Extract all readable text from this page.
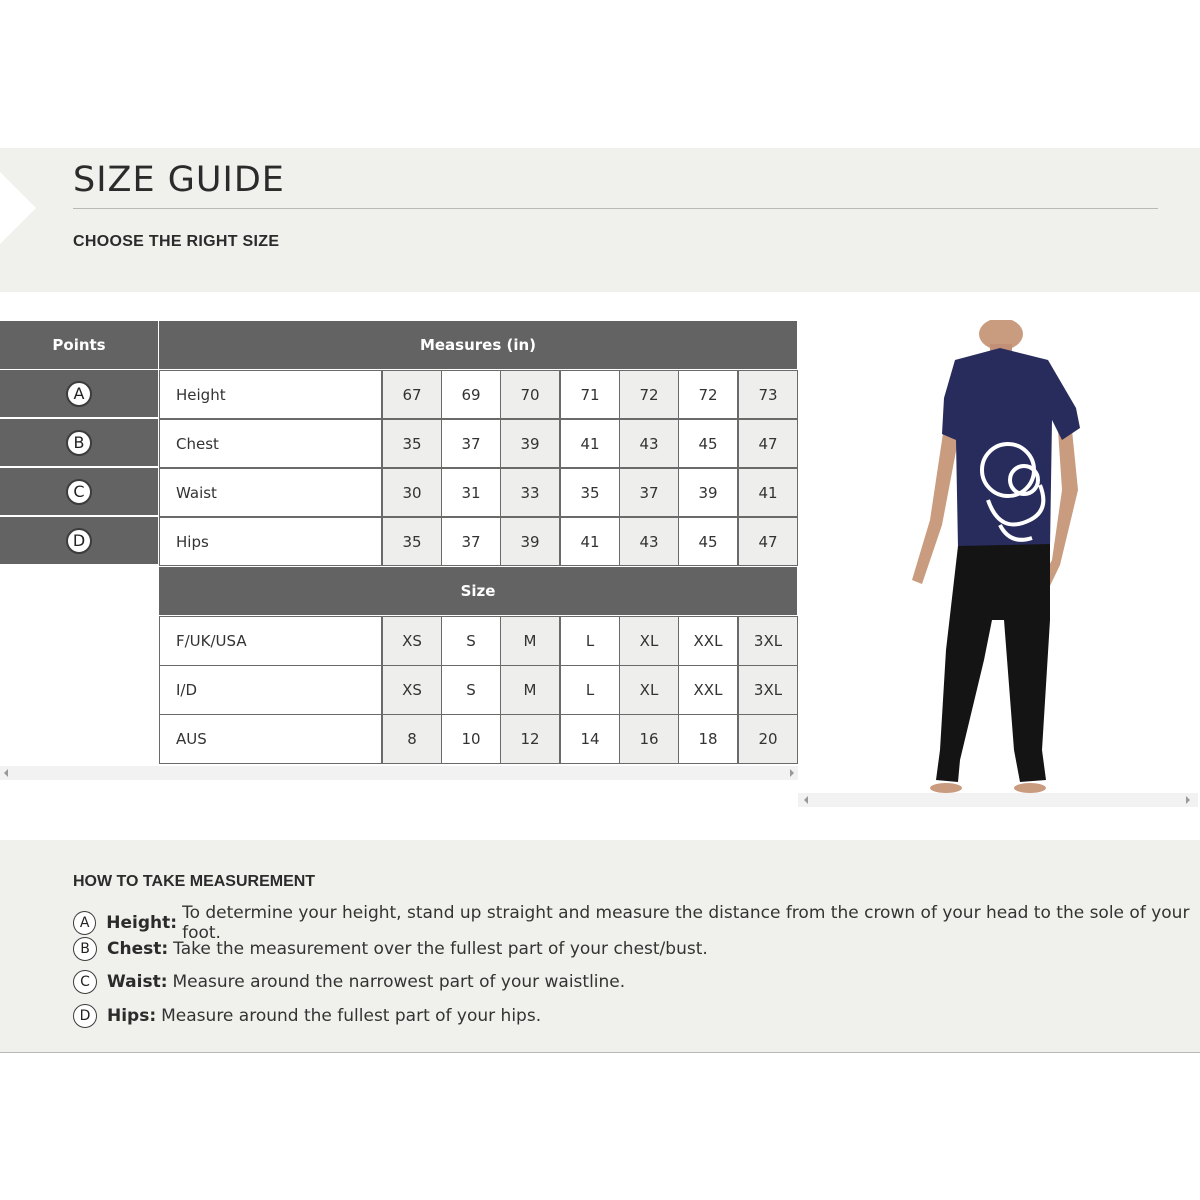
SIZE GUIDE
CHOOSE THE RIGHT SIZE
Points	Measures (in)
A	Height	67	69	70	71	72	72	73
B	Chest	35	37	39	41	43	45	47
C	Waist	30	31	33	35	37	39	41
D	Hips	35	37	39	41	43	45	47
Size
F/UK/USA	XS	S	M	L	XL	XXL	3XL
I/D	XS	S	M	L	XL	XXL	3XL
AUS	8	10	12	14	16	18	20
HOW TO TAKE MEASUREMENT
A Height: To determine your height, stand up straight and measure the distance from the crown of your head to the sole of your foot.
B	Chest: Take the measurement over the fullest part of your chest/bust.
C	Waist: Measure around the narrowest part of your waistline.
D Hips: Measure around the fullest part of your hips.
